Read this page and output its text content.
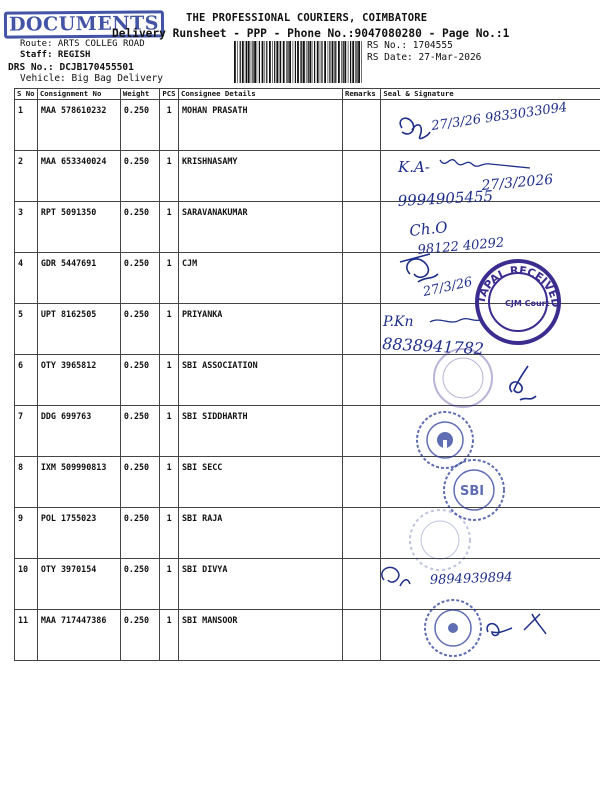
DOCUMENTS	THE PROFESSIONAL COURIERS, COIMBATORE
Delivery Runsheet - PPP - Phone No.:9047080280 - Page No.:1
Route: ARTS COLLEG ROAD
Staff: REGISH
DRS No.: DCJB170455501
Vehicle: Big Bag Delivery
RS No.: 1704555
RS Date: 27-Mar-2026
S No	Consignment No	Weight	PCS	Consignee Details	Remarks	Seal & Signature
1	MAA 578610232	0.250	1	MOHAN PRASATH		
2	MAA 653340024	0.250	1	KRISHNASAMY		
3	RPT 5091350	0.250	1	SARAVANAKUMAR		
4	GDR 5447691	0.250	1	CJM		
5	UPT 8162505	0.250	1	PRIYANKA		
6	OTY 3965812	0.250	1	SBI ASSOCIATION		
7	DDG 699763	0.250	1	SBI SIDDHARTH		
8	IXM 509990813	0.250	1	SBI SECC		
9	POL 1755023	0.250	1	SBI RAJA		
10	OTY 3970154	0.250	1	SBI DIVYA		
11	MAA 717447386	0.250	1	SBI MANSOOR		
27/3/26 9833033094
K.A-
27/3/2026
9994905455
Ch.O
98122 40292
27/3/26
TAPAL RECEIVED
CJM Court
P.Kn
8838941782
SBI
9894939894
